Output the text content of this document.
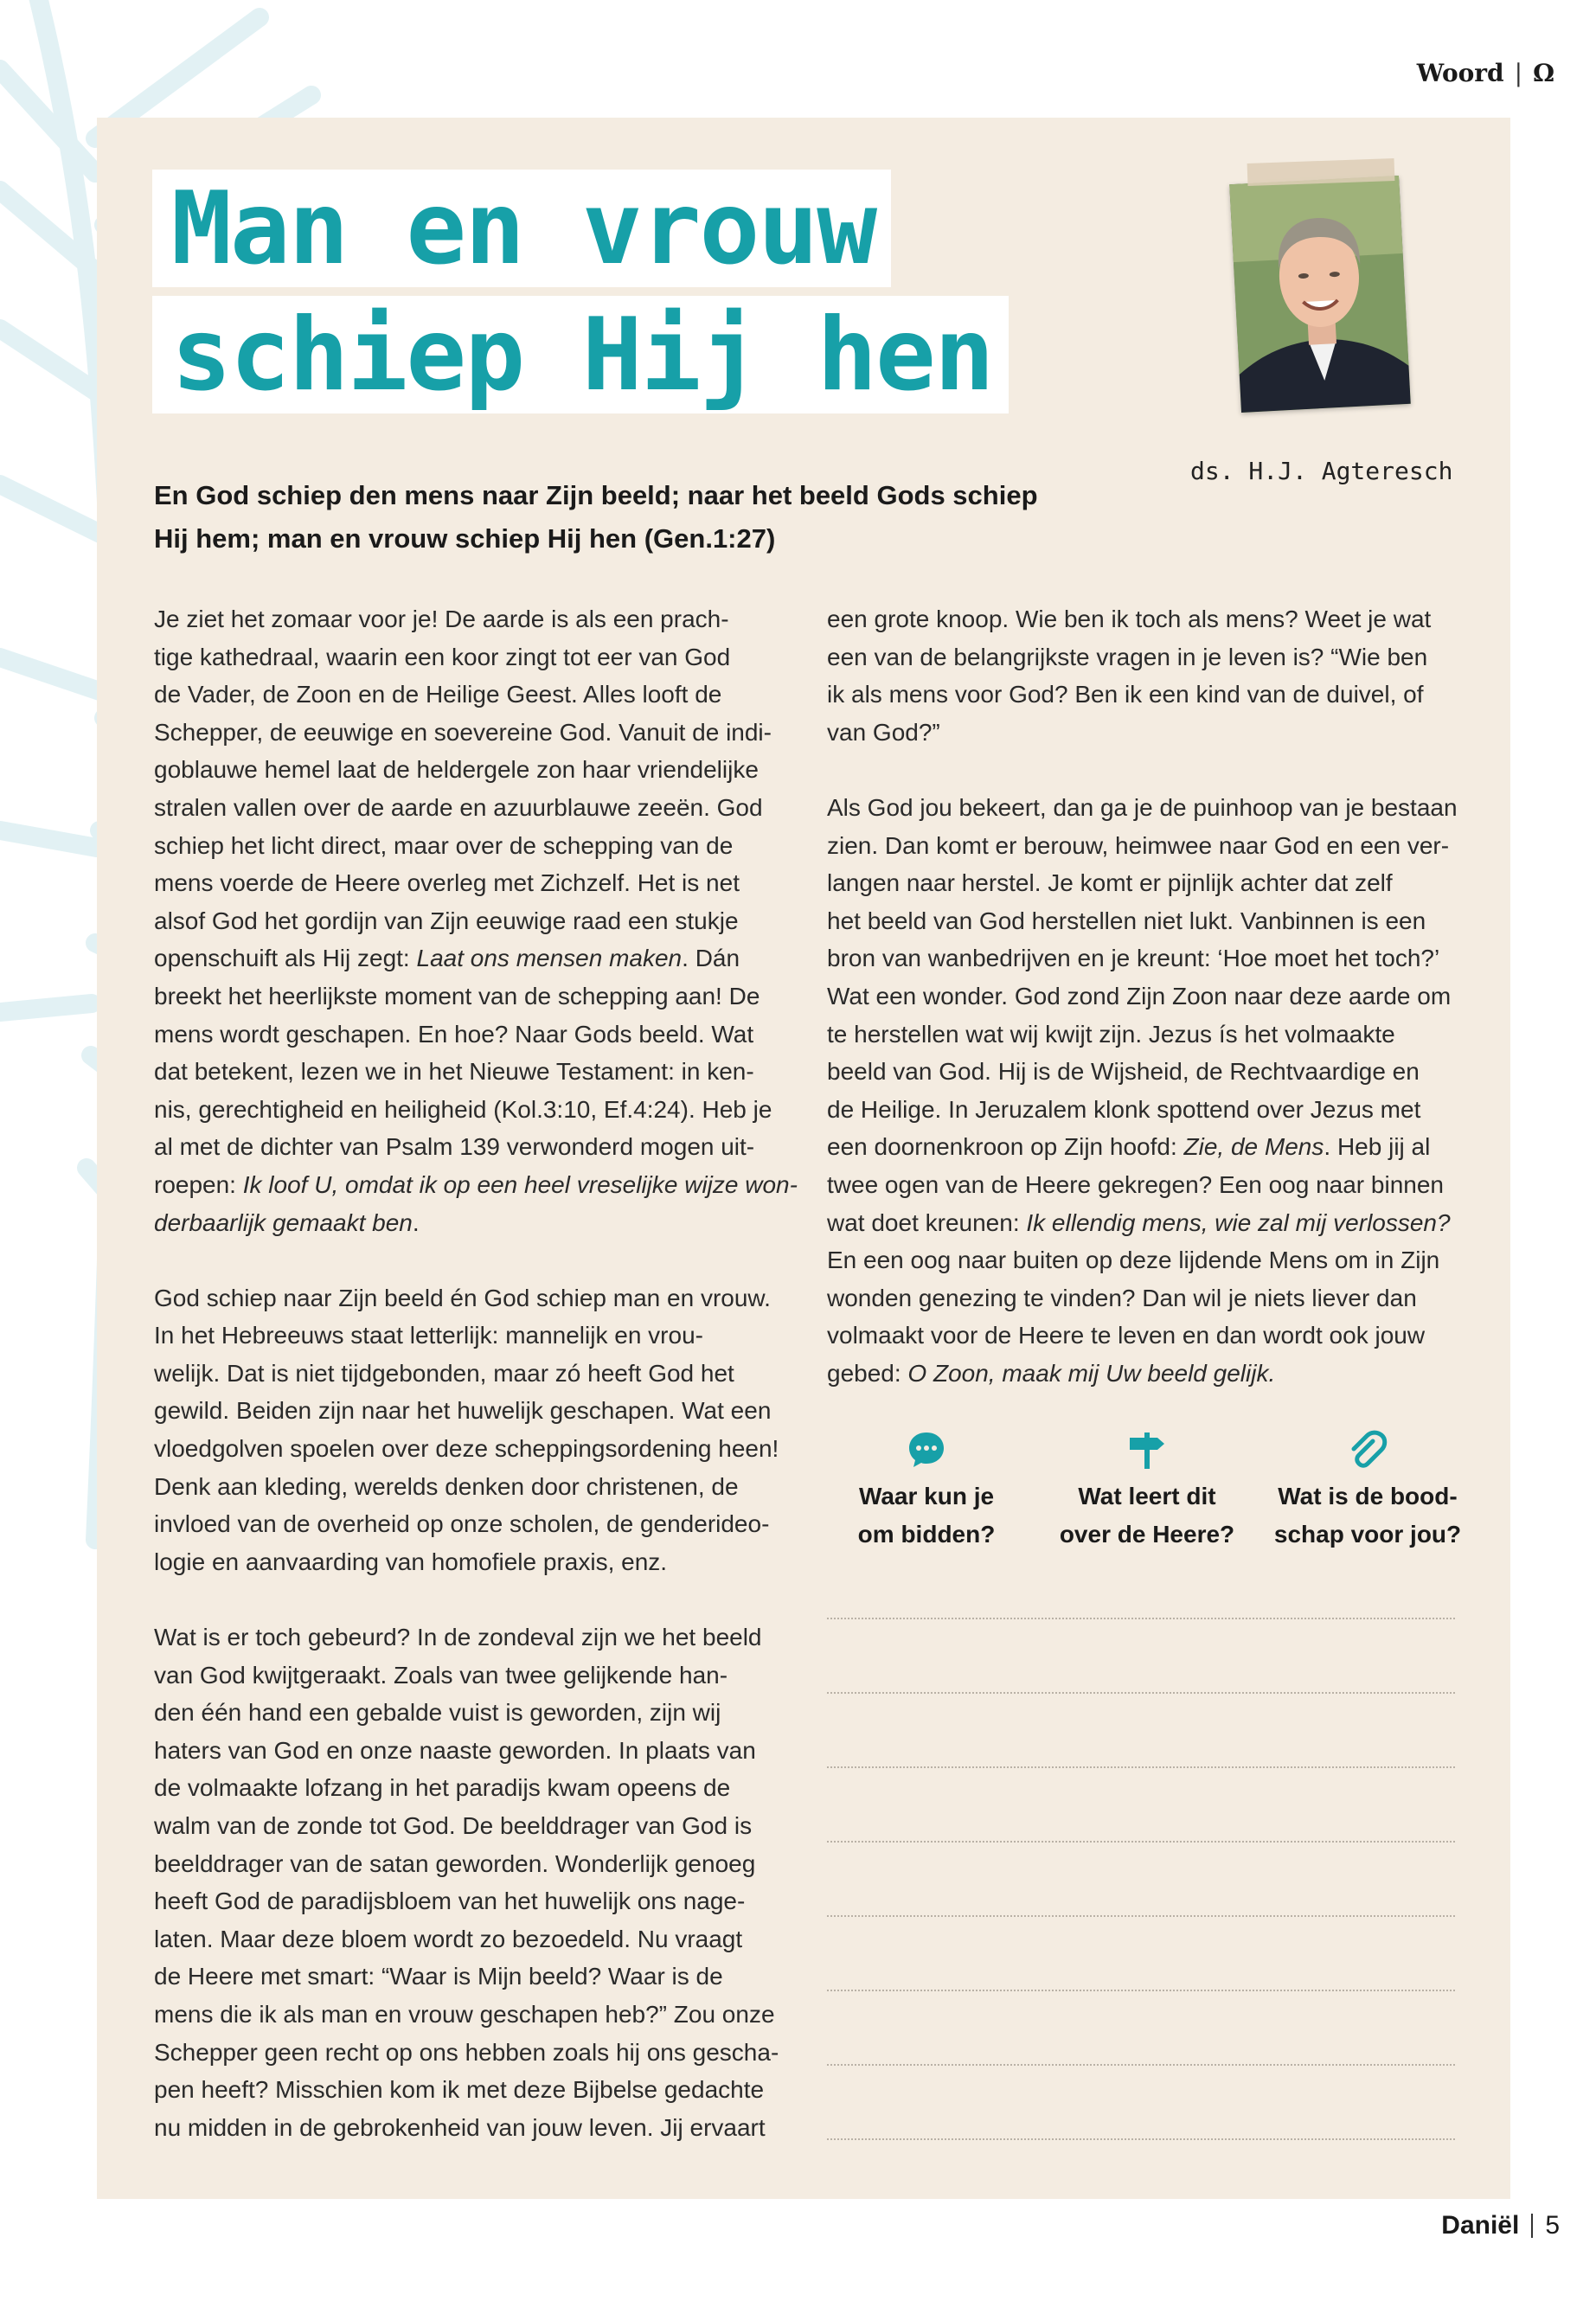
Woord | Ω
Man en vrouw
schiep Hij hen
ds. H.J. Agteresch
En God schiep den mens naar Zijn beeld; naar het beeld Gods schiep
Hij hem; man en vrouw schiep Hij hen (Gen.1:27)

Je ziet het zomaar voor je! De aarde is als een prach-
tige kathedraal, waarin een koor zingt tot eer van God
de Vader, de Zoon en de Heilige Geest. Alles looft de
Schepper, de eeuwige en soevereine God. Vanuit de indi-
goblauwe hemel laat de heldergele zon haar vriendelijke
stralen vallen over de aarde en azuurblauwe zeeën. God
schiep het licht direct, maar over de schepping van de
mens voerde de Heere overleg met Zichzelf. Het is net
alsof God het gordijn van Zijn eeuwige raad een stukje
openschuift als Hij zegt: Laat ons mensen maken. Dán
breekt het heerlijkste moment van de schepping aan! De
mens wordt geschapen. En hoe? Naar Gods beeld. Wat
dat betekent, lezen we in het Nieuwe Testament: in ken-
nis, gerechtigheid en heiligheid (Kol.3:10, Ef.4:24). Heb je
al met de dichter van Psalm 139 verwonderd mogen uit-
roepen: Ik loof U, omdat ik op een heel vreselijke wijze won-
derbaarlijk gemaakt ben.

God schiep naar Zijn beeld én God schiep man en vrouw.
In het Hebreeuws staat letterlijk: mannelijk en vrou-
welijk. Dat is niet tijdgebonden, maar zó heeft God het
gewild. Beiden zijn naar het huwelijk geschapen. Wat een
vloedgolven spoelen over deze scheppingsordening heen!
Denk aan kleding, werelds denken door christenen, de
invloed van de overheid op onze scholen, de genderideo-
logie en aanvaarding van homofiele praxis, enz.

Wat is er toch gebeurd? In de zondeval zijn we het beeld
van God kwijtgeraakt. Zoals van twee gelijkende han-
den één hand een gebalde vuist is geworden, zijn wij
haters van God en onze naaste geworden. In plaats van
de volmaakte lofzang in het paradijs kwam opeens de
walm van de zonde tot God. De beelddrager van God is
beelddrager van de satan geworden. Wonderlijk genoeg
heeft God de paradijsbloem van het huwelijk ons nage-
laten. Maar deze bloem wordt zo bezoedeld. Nu vraagt
de Heere met smart: “Waar is Mijn beeld? Waar is de
mens die ik als man en vrouw geschapen heb?” Zou onze
Schepper geen recht op ons hebben zoals hij ons gescha-
pen heeft? Misschien kom ik met deze Bijbelse gedachte
nu midden in de gebrokenheid van jouw leven. Jij ervaart

een grote knoop. Wie ben ik toch als mens? Weet je wat
een van de belangrijkste vragen in je leven is? “Wie ben
ik als mens voor God? Ben ik een kind van de duivel, of
van God?”

Als God jou bekeert, dan ga je de puinhoop van je bestaan
zien. Dan komt er berouw, heimwee naar God en een ver-
langen naar herstel. Je komt er pijnlijk achter dat zelf
het beeld van God herstellen niet lukt. Vanbinnen is een
bron van wanbedrijven en je kreunt: ‘Hoe moet het toch?’
Wat een wonder. God zond Zijn Zoon naar deze aarde om
te herstellen wat wij kwijt zijn. Jezus ís het volmaakte
beeld van God. Hij is de Wijsheid, de Rechtvaardige en
de Heilige. In Jeruzalem klonk spottend over Jezus met
een doornenkroon op Zijn hoofd: Zie, de Mens. Heb jij al
twee ogen van de Heere gekregen? Een oog naar binnen
wat doet kreunen: Ik ellendig mens, wie zal mij verlossen?
En een oog naar buiten op deze lijdende Mens om in Zijn
wonden genezing te vinden? Dan wil je niets liever dan
volmaakt voor de Heere te leven en dan wordt ook jouw
gebed: O Zoon, maak mij Uw beeld gelijk.

Waar kun je
om bidden?
Wat leert dit
over de Heere?
Wat is de bood-
schap voor jou?
Daniël 5
